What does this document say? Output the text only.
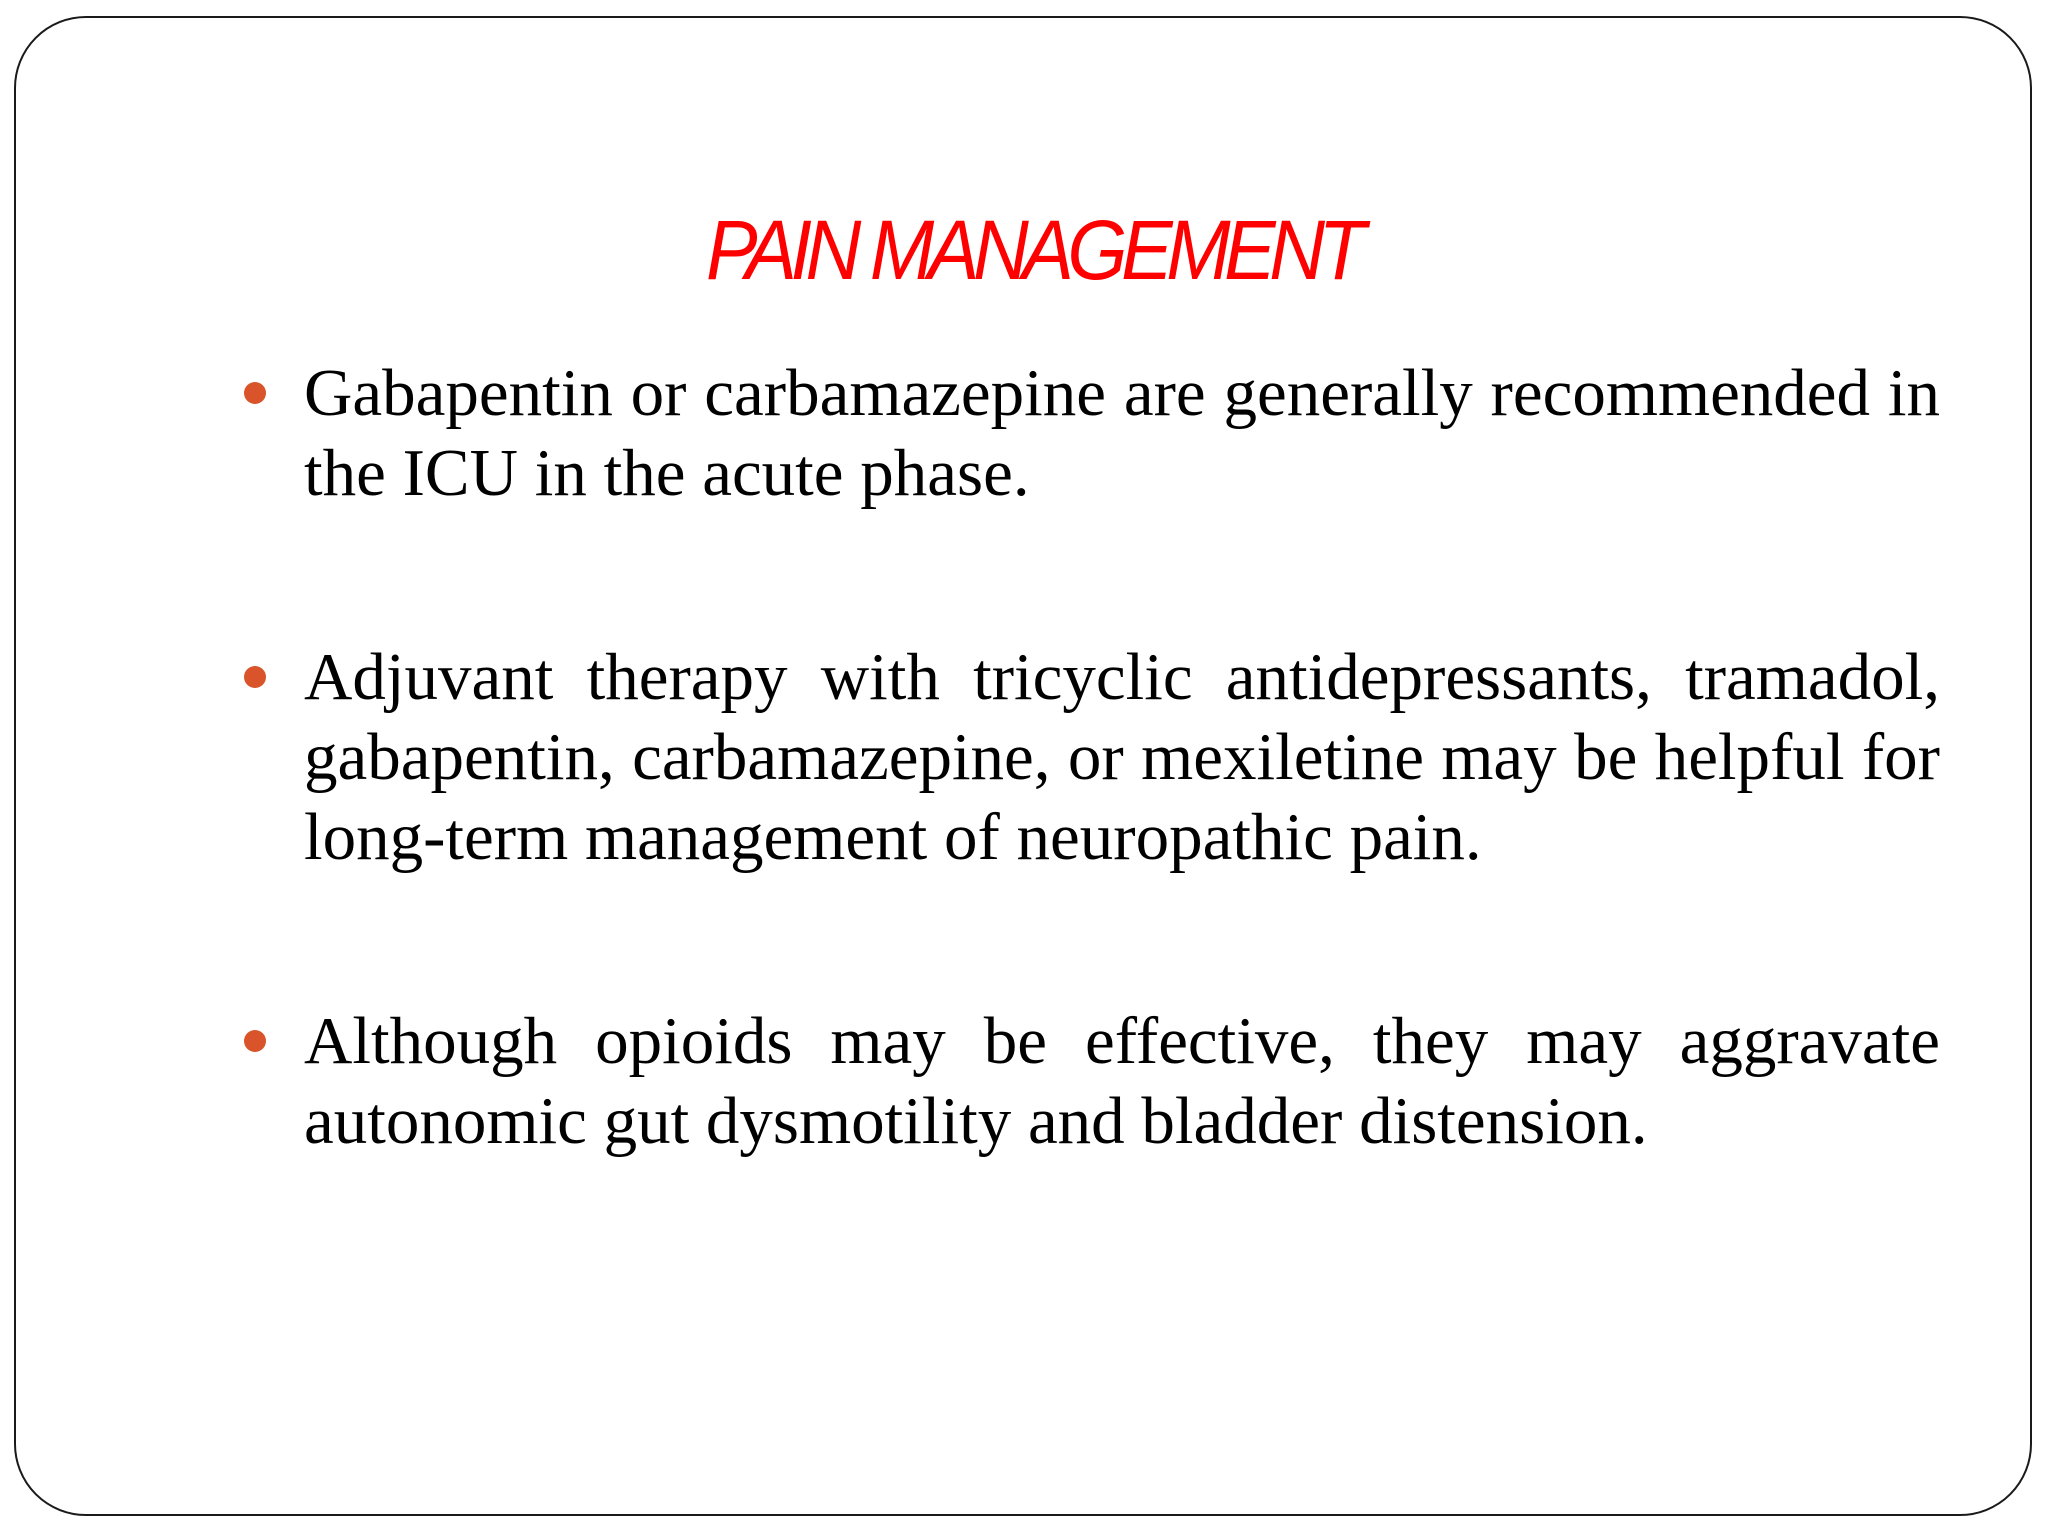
PAIN MANAGEMENT
Gabapentin or carbamazepine are generally recommended in the ICU in the acute phase.
Adjuvant therapy with tricyclic antidepressants, tramadol, gabapentin, carbamazepine, or mexiletine may be helpful for long-term management of neuropathic pain.
Although opioids may be effective, they may aggravate autonomic gut dysmotility and bladder distension.
